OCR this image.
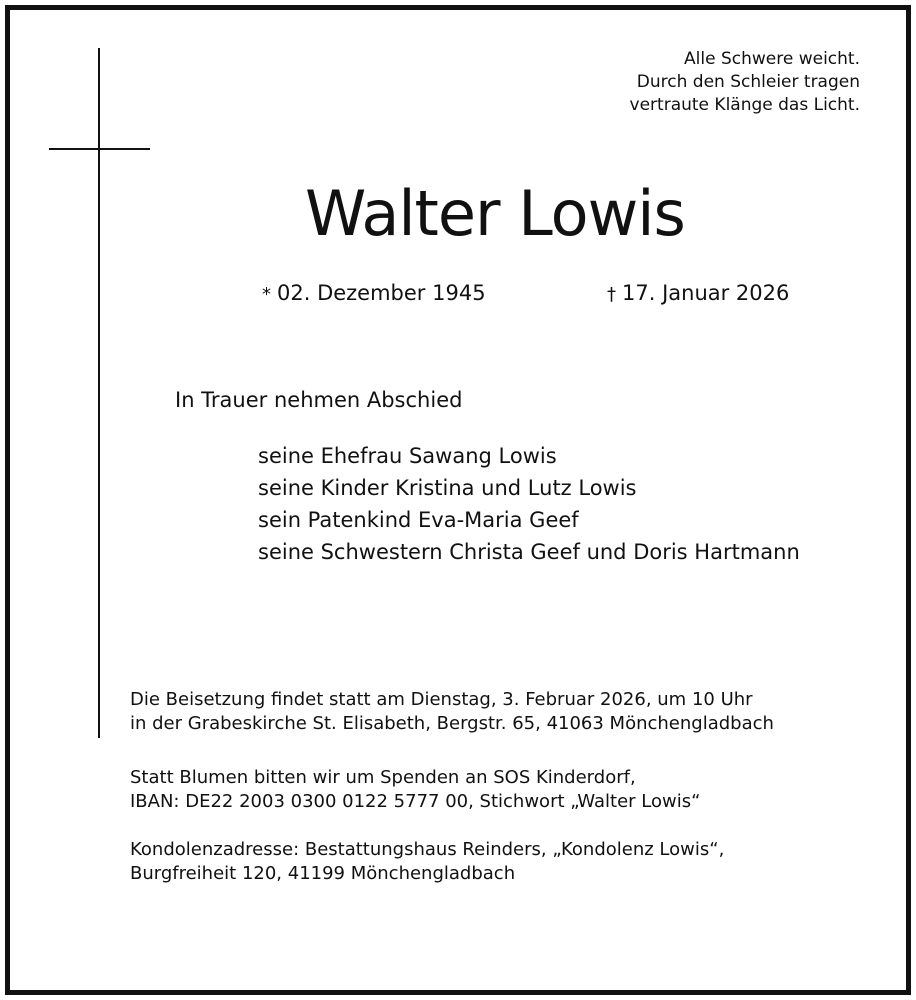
Alle Schwere weicht.
Durch den Schleier tragen
vertraute Klänge das Licht.
Walter Lowis
* 02. Dezember 1945	† 17. Januar 2026
In Trauer nehmen Abschied
seine Ehefrau Sawang Lowis
seine Kinder Kristina und Lutz Lowis
sein Patenkind Eva-Maria Geef
seine Schwestern Christa Geef und Doris Hartmann
Die Beisetzung findet statt am Dienstag, 3. Februar 2026, um 10 Uhr
in der Grabeskirche St. Elisabeth, Bergstr. 65, 41063 Mönchengladbach
Statt Blumen bitten wir um Spenden an SOS Kinderdorf,
IBAN: DE22 2003 0300 0122 5777 00, Stichwort „Walter Lowis“
Kondolenzadresse: Bestattungshaus Reinders, „Kondolenz Lowis“,
Burgfreiheit 120, 41199 Mönchengladbach
